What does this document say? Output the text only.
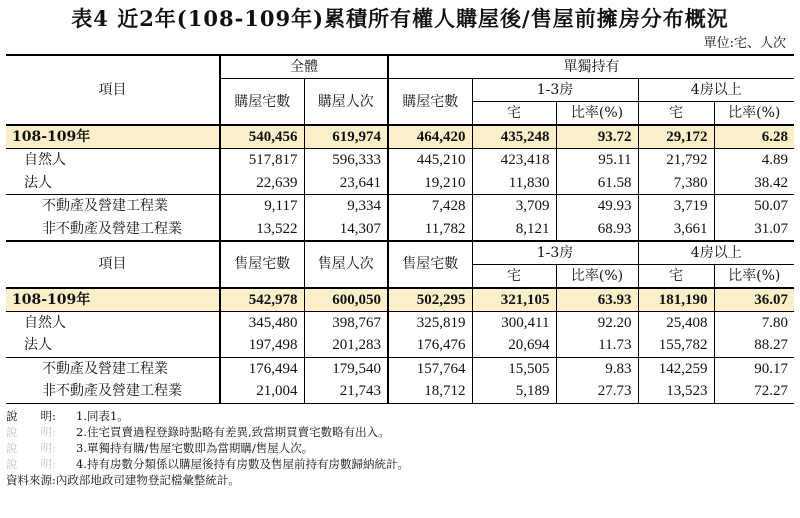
表4 近2年(108-109年)累積所有權人購屋後/售屋前擁房分布概況
單位:宅、人次
項目	全體		單獨持有				
	購屋宅數	購屋人次	購屋宅數	1-3房		4房以上	
				宅	比率(%)	宅	比率(%)
108-109年	540,456	619,974	464,420	435,248	93.72	29,172	6.28
自然人	517,817	596,333	445,210	423,418	95.11	21,792	4.89
法人	22,639	23,641	19,210	11,830	61.58	7,380	38.42
不動產及營建工程業	9,117	9,334	7,428	3,709	49.93	3,719	50.07
非不動產及營建工程業	13,522	14,307	11,782	8,121	68.93	3,661	31.07
項目	售屋宅數	售屋人次	售屋宅數	1-3房		4房以上	
				宅	比率(%)	宅	比率(%)
108-109年	542,978	600,050	502,295	321,105	63.93	181,190	36.07
自然人	345,480	398,767	325,819	300,411	92.20	25,408	7.80
法人	197,498	201,283	176,476	20,694	11.73	155,782	88.27
不動產及營建工程業	176,494	179,540	157,764	15,505	9.83	142,259	90.17
非不動產及營建工程業	21,004	21,743	18,712	5,189	27.73	13,523	72.27
說　　明:	1.同表1。
說　　明:	2.住宅買賣過程登錄時點略有差異,致當期買賣宅數略有出入。
說　　明:	3.單獨持有購/售屋宅數即為當期購/售屋人次。
說　　明:	4.持有房數分類係以購屋後持有房數及售屋前持有房數歸納統計。
資料來源:內政部地政司建物登記檔彙整統計。
